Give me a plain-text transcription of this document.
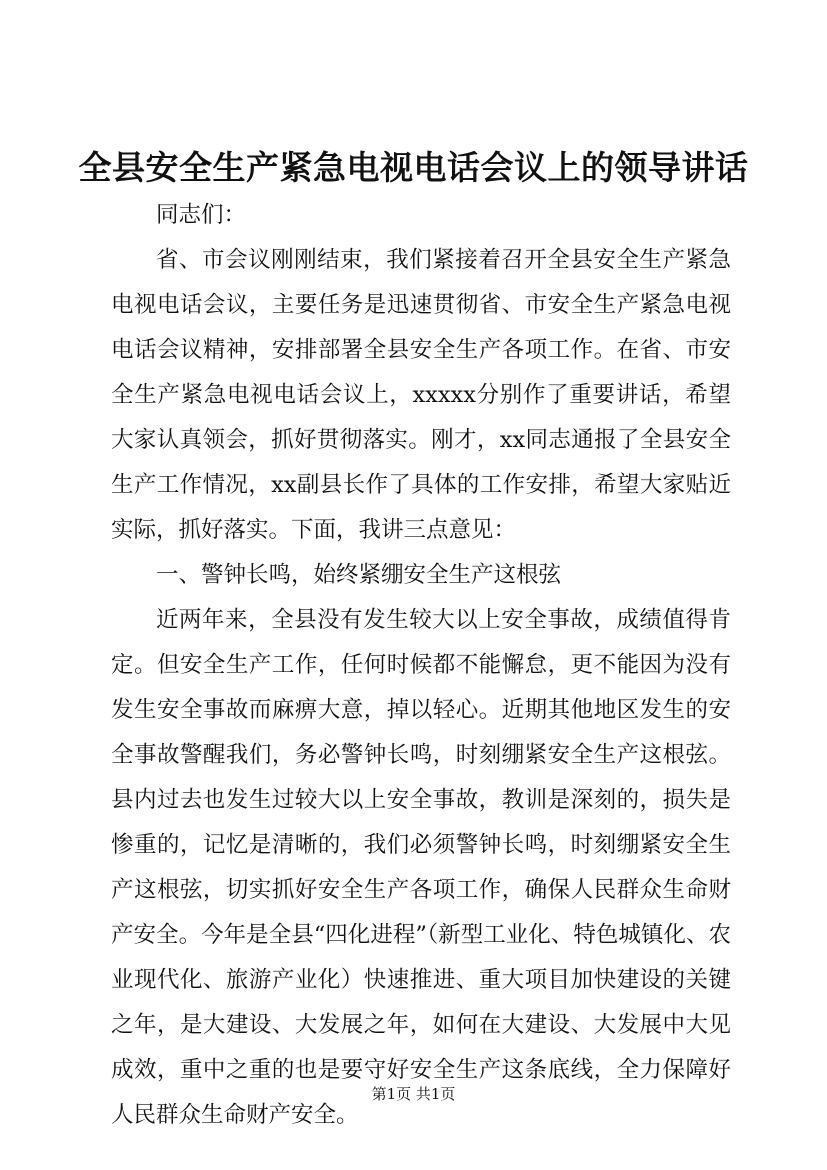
全县安全生产紧急电视电话会议上的领导讲话

同志们：

省、市会议刚刚结束，我们紧接着召开全县安全生产紧急电视电话会议，主要任务是迅速贯彻省、市安全生产紧急电视电话会议精神，安排部署全县安全生产各项工作。在省、市安全生产紧急电视电话会议上，xxxxx分别作了重要讲话，希望大家认真领会，抓好贯彻落实。刚才，xx同志通报了全县安全生产工作情况，xx副县长作了具体的工作安排，希望大家贴近实际，抓好落实。下面，我讲三点意见：

一、警钟长鸣，始终紧绷安全生产这根弦

近两年来，全县没有发生较大以上安全事故，成绩值得肯定。但安全生产工作，任何时候都不能懈怠，更不能因为没有发生安全事故而麻痹大意，掉以轻心。近期其他地区发生的安全事故警醒我们，务必警钟长鸣，时刻绷紧安全生产这根弦。县内过去也发生过较大以上安全事故，教训是深刻的，损失是惨重的，记忆是清晰的，我们必须警钟长鸣，时刻绷紧安全生产这根弦，切实抓好安全生产各项工作，确保人民群众生命财产安全。今年是全县“四化进程”（新型工业化、特色城镇化、农业现代化、旅游产业化）快速推进、重大项目加快建设的关键之年，是大建设、大发展之年，如何在大建设、大发展中大见成效，重中之重的也是要守好安全生产这条底线，全力保障好人民群众生命财产安全。

第1页 共1页
